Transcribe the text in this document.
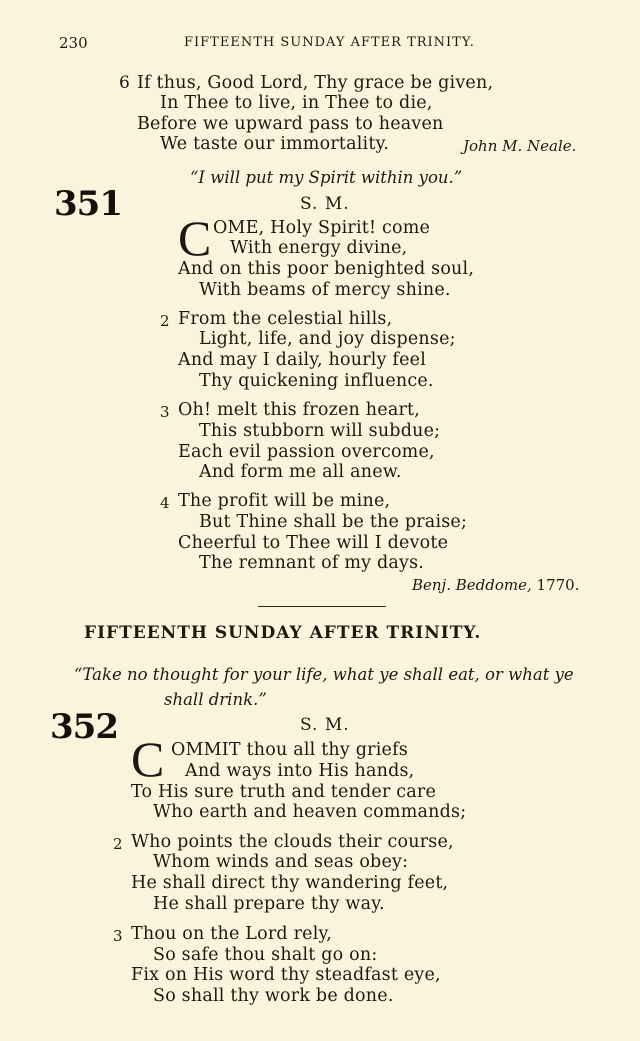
230	FIFTEENTH SUNDAY AFTER TRINITY.
6 If thus, Good Lord, Thy grace be given,
In Thee to live, in Thee to die,
Before we upward pass to heaven
We taste our immortality.	John M. Neale.
“I will put my Spirit within you.”
351	S. M.
C OME, Holy Spirit! come
With energy divine,
And on this poor benighted soul,
With beams of mercy shine.
2 From the celestial hills,
Light, life, and joy dispense;
And may I daily, hourly feel
Thy quickening influence.
3 Oh! melt this frozen heart,
This stubborn will subdue;
Each evil passion overcome,
And form me all anew.
4 The profit will be mine,
But Thine shall be the praise;
Cheerful to Thee will I devote
The remnant of my days.
Benj. Beddome, 1770.
FIFTEENTH SUNDAY AFTER TRINITY.
“Take no thought for your life, what ye shall eat, or what ye
shall drink.”
352	S. M.
C OMMIT thou all thy griefs
And ways into His hands,
To His sure truth and tender care
Who earth and heaven commands;
2 Who points the clouds their course,
Whom winds and seas obey:
He shall direct thy wandering feet,
He shall prepare thy way.
3 Thou on the Lord rely,
So safe thou shalt go on:
Fix on His word thy steadfast eye,
So shall thy work be done.
